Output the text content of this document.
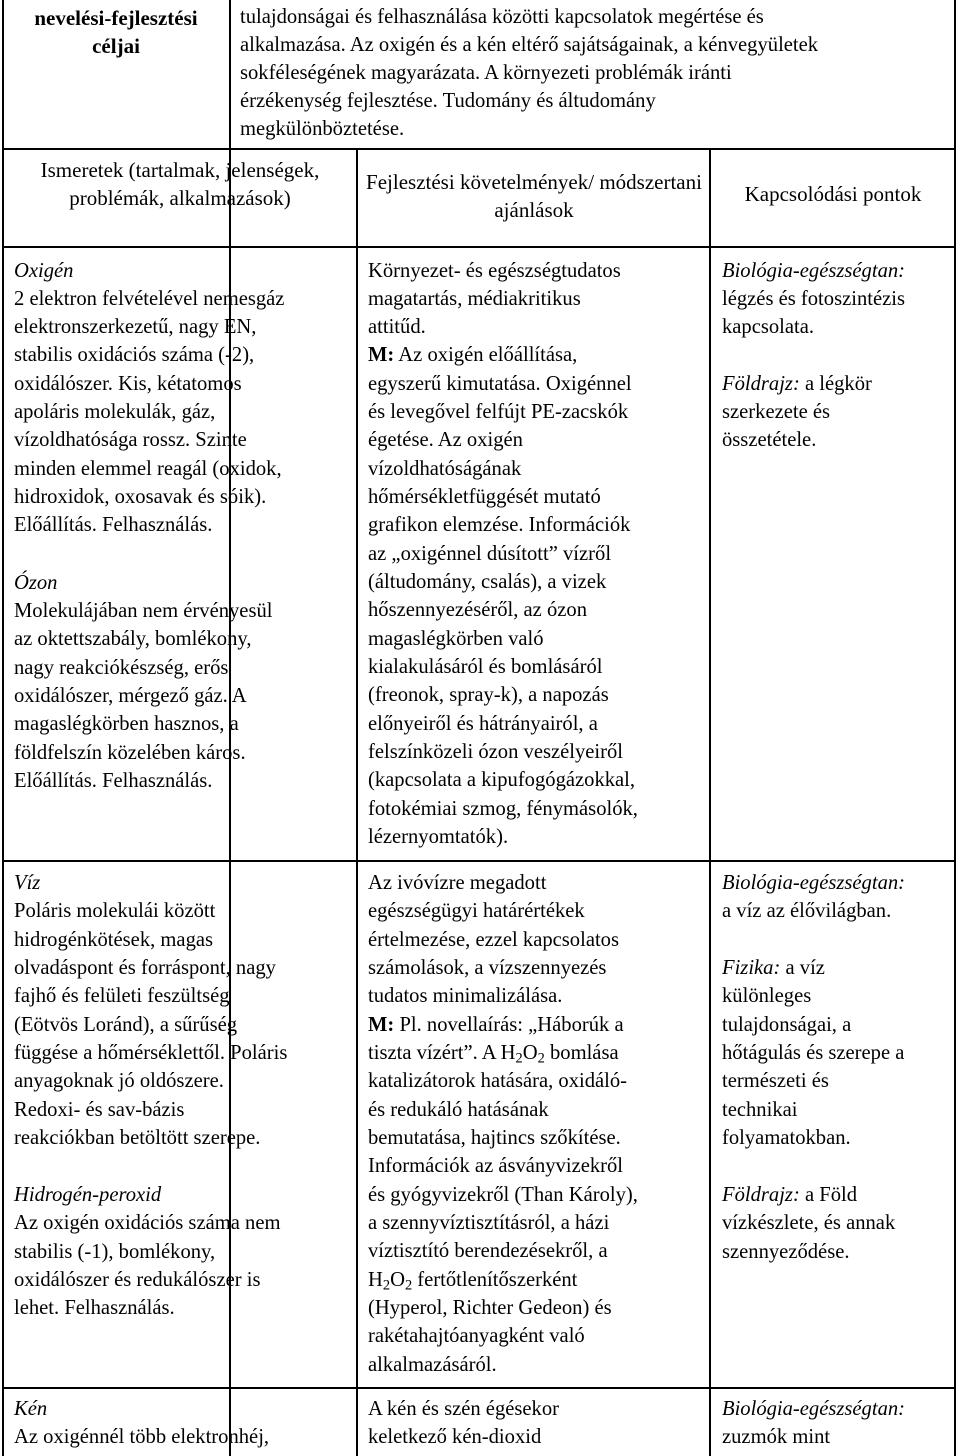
nevelési-fejlesztési céljai
tulajdonságai és felhasználása közötti kapcsolatok megértése és
alkalmazása. Az oxigén és a kén eltérő sajátságainak, a kénvegyületek
sokféleségének magyarázata. A környezeti problémák iránti
érzékenység fejlesztése. Tudomány és áltudomány
megkülönböztetése.
Ismeretek (tartalmak, jelenségek, problémák, alkalmazások)
Fejlesztési követelmények/ módszertani ajánlások
Kapcsolódási pontok
Oxigén
2 elektron felvételével nemesgáz
elektronszerkezetű, nagy EN,
stabilis oxidációs száma (-2),
oxidálószer. Kis, kétatomos
apoláris molekulák, gáz,
vízoldhatósága rossz. Szinte
minden elemmel reagál (oxidok,
hidroxidok, oxosavak és sóik).
Előállítás. Felhasználás.
Ózon
Molekulájában nem érvényesül
az oktettszabály, bomlékony,
nagy reakciókészség, erős
oxidálószer, mérgező gáz. A
magaslégkörben hasznos, a
földfelszín közelében káros.
Előállítás. Felhasználás.
Környezet- és egészségtudatos
magatartás, médiakritikus
attitűd.
M: Az oxigén előállítása,
egyszerű kimutatása. Oxigénnel
és levegővel felfújt PE-zacskók
égetése. Az oxigén
vízoldhatóságának
hőmérsékletfüggését mutató
grafikon elemzése. Információk
az „oxigénnel dúsított” vízről
(áltudomány, csalás), a vizek
hőszennyezéséről, az ózon
magaslégkörben való
kialakulásáról és bomlásáról
(freonok, spray-k), a napozás
előnyeiről és hátrányairól, a
felszínközeli ózon veszélyeiről
(kapcsolata a kipufogógázokkal,
fotokémiai szmog, fénymásolók,
lézernyomtatók).
Biológia-egészségtan:
légzés és fotoszintézis
kapcsolata.
Földrajz: a légkör
szerkezete és
összetétele.
Víz
Poláris molekulái között
hidrogénkötések, magas
olvadáspont és forráspont, nagy
fajhő és felületi feszültség
(Eötvös Loránd), a sűrűség
függése a hőmérséklettől. Poláris
anyagoknak jó oldószere.
Redoxi- és sav-bázis
reakciókban betöltött szerepe.
Hidrogén-peroxid
Az oxigén oxidációs száma nem
stabilis (-1), bomlékony,
oxidálószer és redukálószer is
lehet. Felhasználás.
Az ivóvízre megadott
egészségügyi határértékek
értelmezése, ezzel kapcsolatos
számolások, a vízszennyezés
tudatos minimalizálása.
M: Pl. novellaírás: „Háborúk a
tiszta vízért”. A $H_2O_2$ bomlása
katalizátorok hatására, oxidáló-
és redukáló hatásának
bemutatása, hajtincs szőkítése.
Információk az ásványvizekről
és gyógyvizekről (Than Károly),
a szennyvíztisztításról, a házi
víztisztító berendezésekről, a
$H_2O_2$ fertőtlenítőszerként
(Hyperol, Richter Gedeon) és
rakétahajtóanyagként való
alkalmazásáról.
Biológia-egészségtan:
a víz az élővilágban.
Fizika: a víz
különleges
tulajdonságai, a
hőtágulás és szerepe a
természeti és
technikai
folyamatokban.
Földrajz: a Föld
vízkészlete, és annak
szennyeződése.
Kén
Az oxigénnél több elektronhéj,
A kén és szén égésekor
keletkező kén-dioxid
Biológia-egészségtan:
zuzmók mint
